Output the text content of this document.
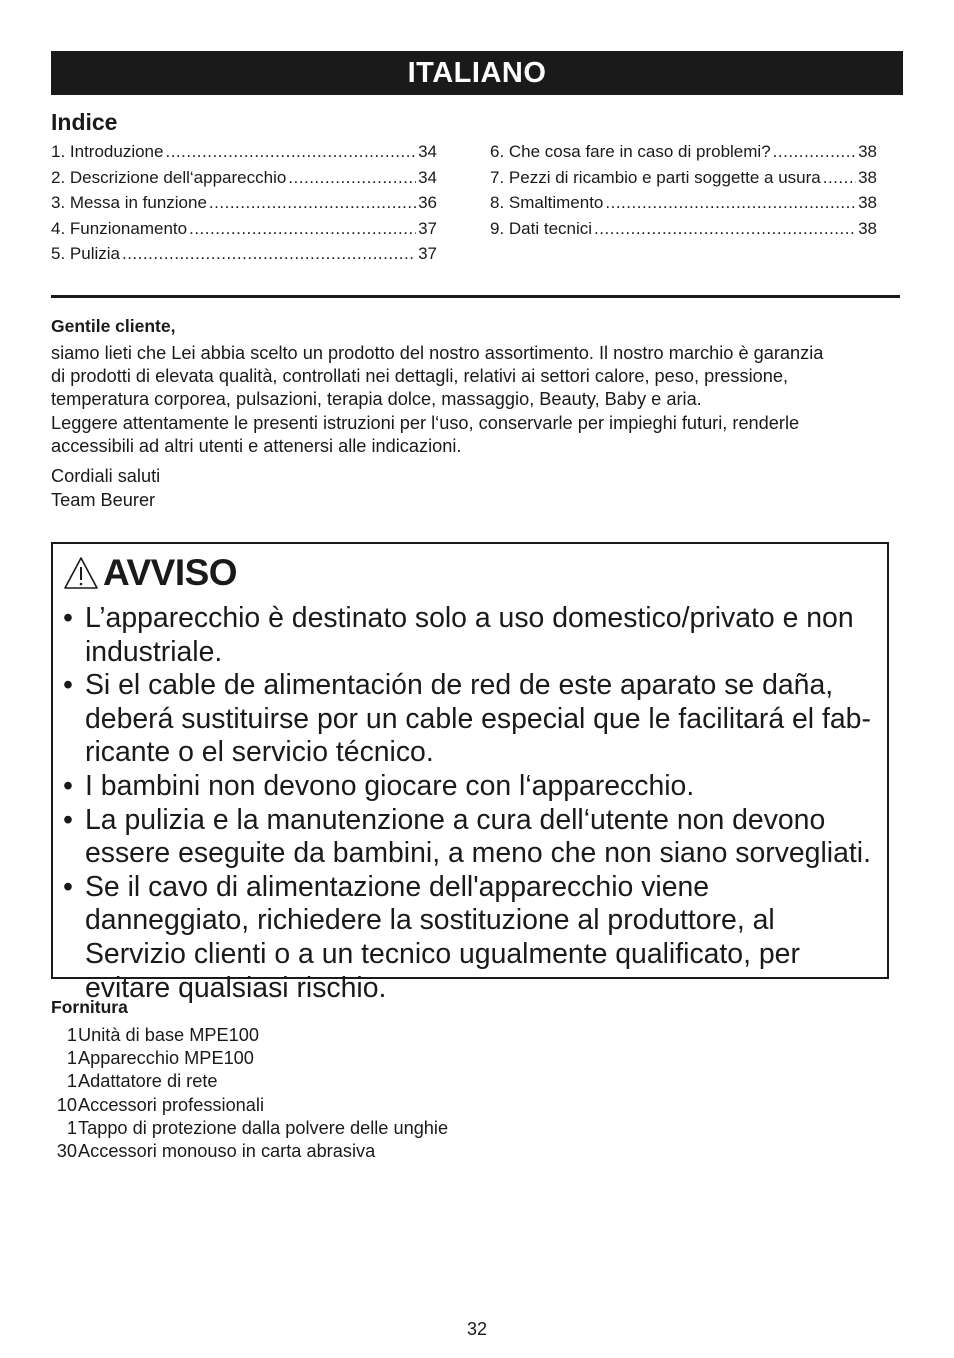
ITALIANO
Indice
1. Introduzione .....	34
2. Descrizione dell‘apparecchio .....	34
3. Messa in funzione .....	36
4. Funzionamento .....	37
5. Pulizia .....	37
6. Che cosa fare in caso di problemi? .....	38
7. Pezzi di ricambio e parti soggette a usura ..... 38
8. Smaltimento .....	38
9. Dati tecnici .....	38
Gentile cliente,
siamo lieti che Lei abbia scelto un prodotto del nostro assortimento. Il nostro marchio è garanzia
di prodotti di elevata qualità, controllati nei dettagli, relativi ai settori calore, peso, pressione,
temperatura corporea, pulsazioni, terapia dolce, massaggio, Beauty, Baby e aria.
Leggere attentamente le presenti istruzioni per l‘uso, conservarle per impieghi futuri, renderle
accessibili ad altri utenti e attenersi alle indicazioni.
Cordiali saluti
Team Beurer
AVVISO
• L’apparecchio è destinato solo a uso domestico/privato e non industriale.
• Si el cable de alimentación de red de este aparato se daña, deberá sustituirse por un cable especial que le facilitará el fab-ricante o el servicio técnico.
• I bambini non devono giocare con l‘apparecchio.
• La pulizia e la manutenzione a cura dell‘utente non devono essere eseguite da bambini, a meno che non siano sorvegliati.
• Se il cavo di alimentazione dell'apparecchio viene danneggiato, richiedere la sostituzione al produttore, al Servizio clienti o a un tecnico ugualmente qualificato, per evitare qualsiasi rischio.
Fornitura
1 Unità di base MPE100
1 Apparecchio MPE100
1 Adattatore di rete
10 Accessori professionali
1 Tappo di protezione dalla polvere delle unghie
30 Accessori monouso in carta abrasiva
32
